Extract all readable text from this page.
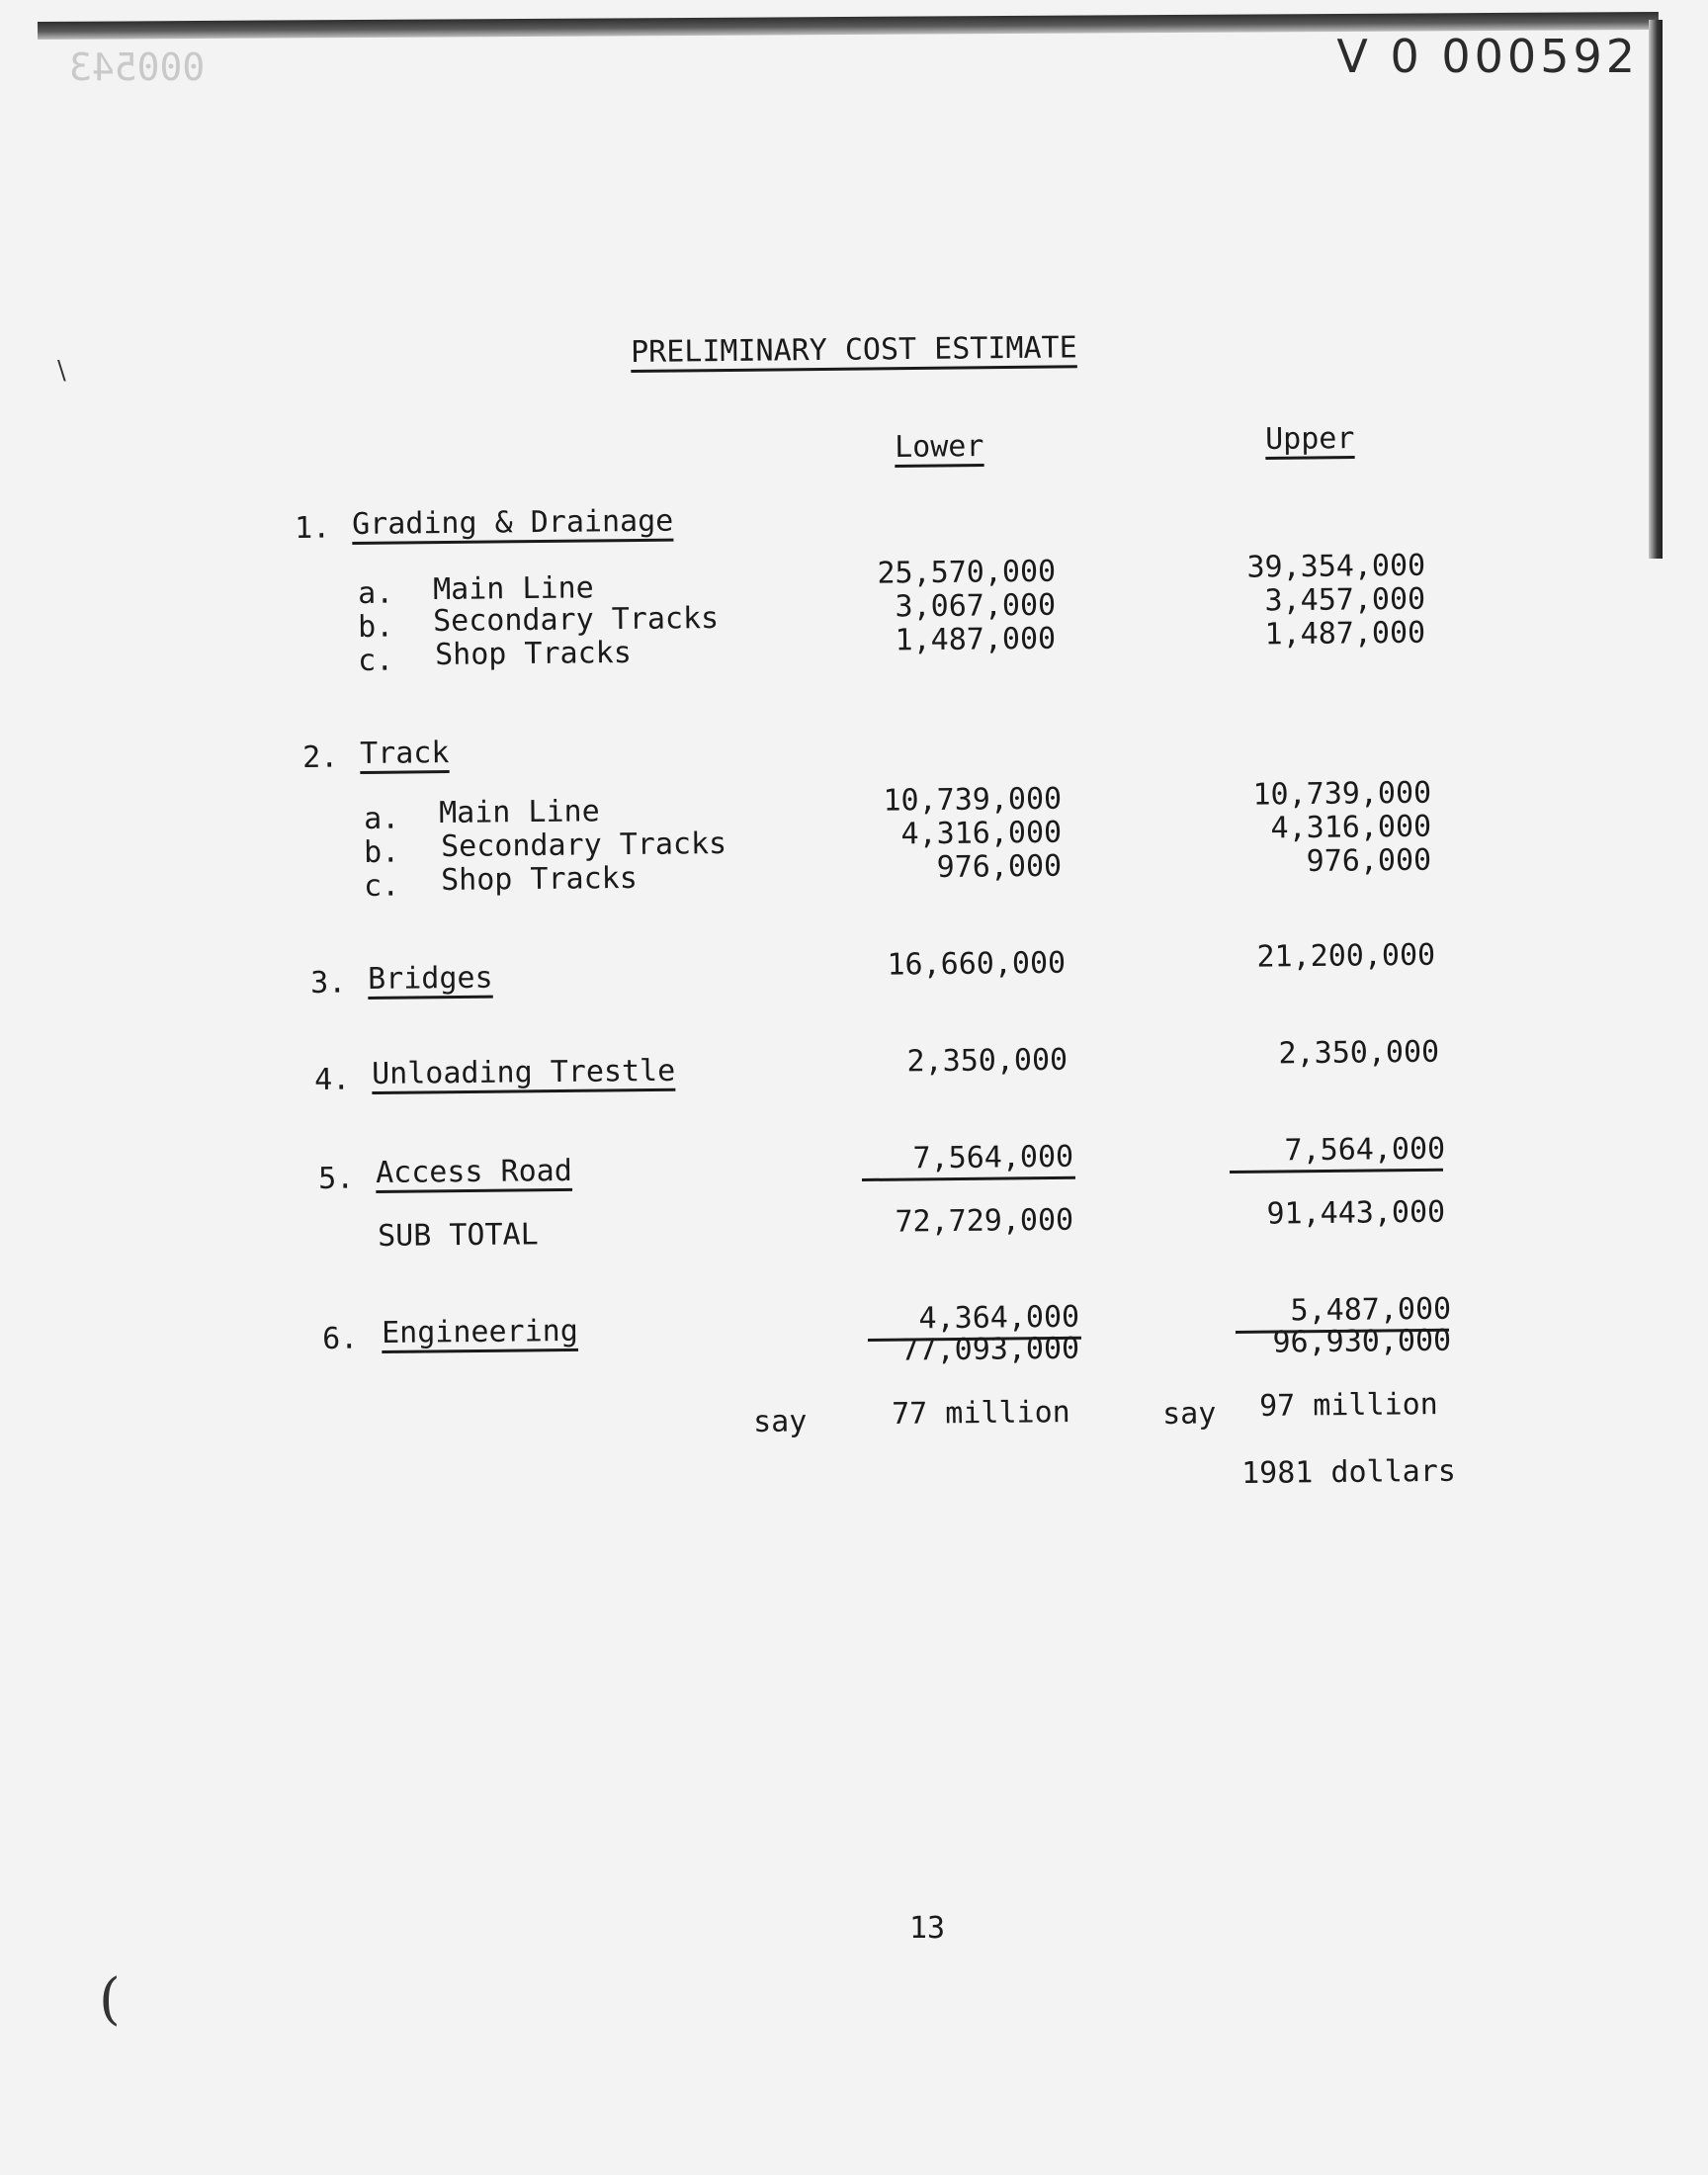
000543	V 0 000592
PRELIMINARY COST ESTIMATE
Lower	Upper
1. Grading & Drainage
a. Main Line	25,570,000	39,354,000
b. Secondary Tracks	3,067,000	3,457,000
c. Shop Tracks	1,487,000	1,487,000
2. Track
a. Main Line	10,739,000	10,739,000
b. Secondary Tracks	4,316,000	4,316,000
c. Shop Tracks	976,000	976,000
3. Bridges	16,660,000	21,200,000
4. Unloading Trestle	2,350,000	2,350,000
5. Access Road	7,564,000	7,564,000
SUB TOTAL	72,729,000	91,443,000
6. Engineering	4,364,000	5,487,000
77,093,000	96,930,000
say	77 million	say 97 million
1981 dollars
13
\
(
